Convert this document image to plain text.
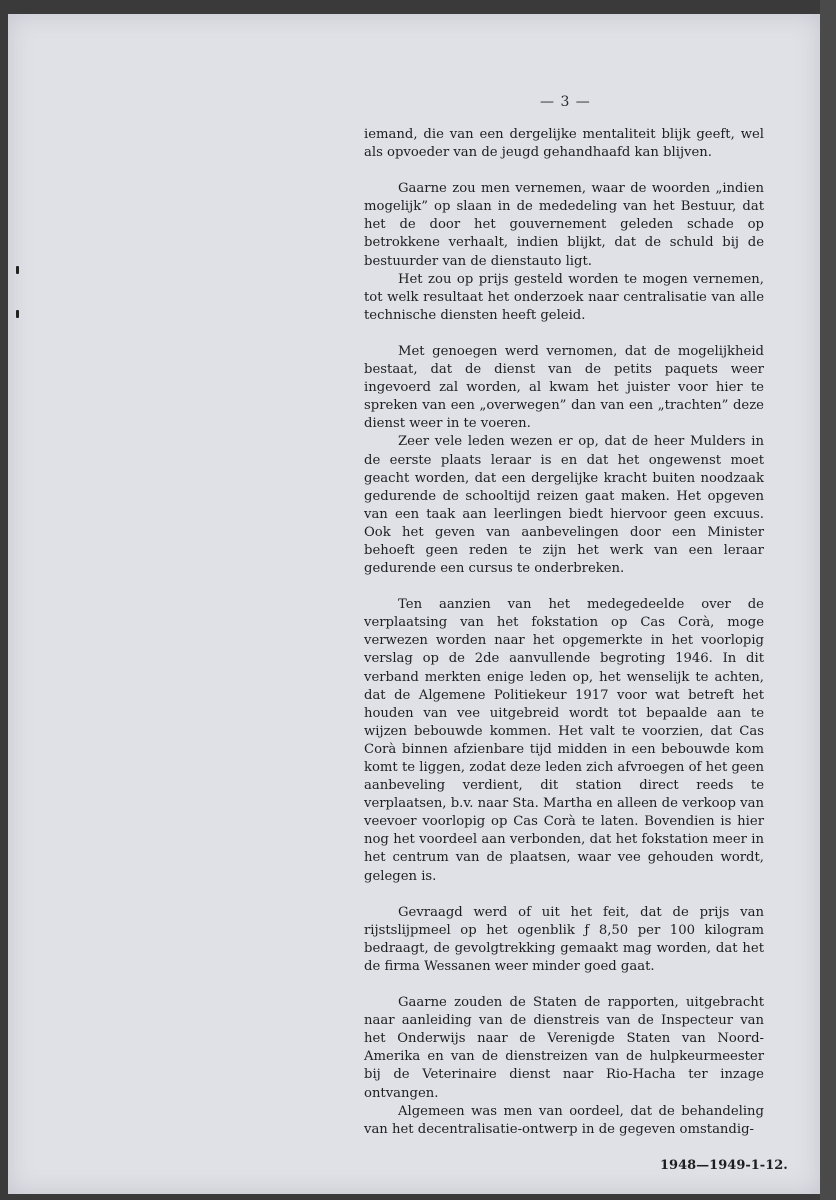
— 3 —

iemand, die van een dergelijke mentaliteit blijk geeft, wel als opvoeder van de jeugd gehandhaafd kan blijven.

Gaarne zou men vernemen, waar de woorden „indien mogelijk” op slaan in de mededeling van het Bestuur, dat het de door het gouvernement geleden schade op betrokkene verhaalt, indien blijkt, dat de schuld bij de bestuurder van de dienstauto ligt.

Het zou op prijs gesteld worden te mogen vernemen, tot welk resultaat het onderzoek naar centralisatie van alle technische diensten heeft geleid.

Met genoegen werd vernomen, dat de mogelijkheid bestaat, dat de dienst van de petits paquets weer ingevoerd zal worden, al kwam het juister voor hier te spreken van een „overwegen” dan van een „trachten” deze dienst weer in te voeren.

Zeer vele leden wezen er op, dat de heer Mulders in de eerste plaats leraar is en dat het ongewenst moet geacht worden, dat een dergelijke kracht buiten noodzaak gedurende de schooltijd reizen gaat maken. Het opgeven van een taak aan leerlingen biedt hiervoor geen excuus. Ook het geven van aanbevelingen door een Minister behoeft geen reden te zijn het werk van een leraar gedurende een cursus te onderbreken.

Ten aanzien van het medegedeelde over de verplaatsing van het fokstation op Cas Corà, moge verwezen worden naar het opgemerkte in het voorlopig verslag op de 2de aanvullende begroting 1946. In dit verband merkten enige leden op, het wenselijk te achten, dat de Algemene Politiekeur 1917 voor wat betreft het houden van vee uitgebreid wordt tot bepaalde aan te wijzen bebouwde kommen. Het valt te voorzien, dat Cas Corà binnen afzienbare tijd midden in een bebouwde kom komt te liggen, zodat deze leden zich afvroegen of het geen aanbeveling verdient, dit station direct reeds te verplaatsen, b.v. naar Sta. Martha en alleen de verkoop van veevoer voorlopig op Cas Corà te laten. Bovendien is hier nog het voordeel aan verbonden, dat het fokstation meer in het centrum van de plaatsen, waar vee gehouden wordt, gelegen is.

Gevraagd werd of uit het feit, dat de prijs van rijstslijpmeel op het ogenblik ƒ 8,50 per 100 kilogram bedraagt, de gevolgtrekking gemaakt mag worden, dat het de firma Wessanen weer minder goed gaat.

Gaarne zouden de Staten de rapporten, uitgebracht naar aanleiding van de dienstreis van de Inspecteur van het Onderwijs naar de Verenigde Staten van Noord-Amerika en van de dienstreizen van de hulpkeurmeester bij de Veterinaire dienst naar Rio-Hacha ter inzage ontvangen.

Algemeen was men van oordeel, dat de behandeling van het decentralisatie-ontwerp in de gegeven omstandig-

1948—1949-1-12.
